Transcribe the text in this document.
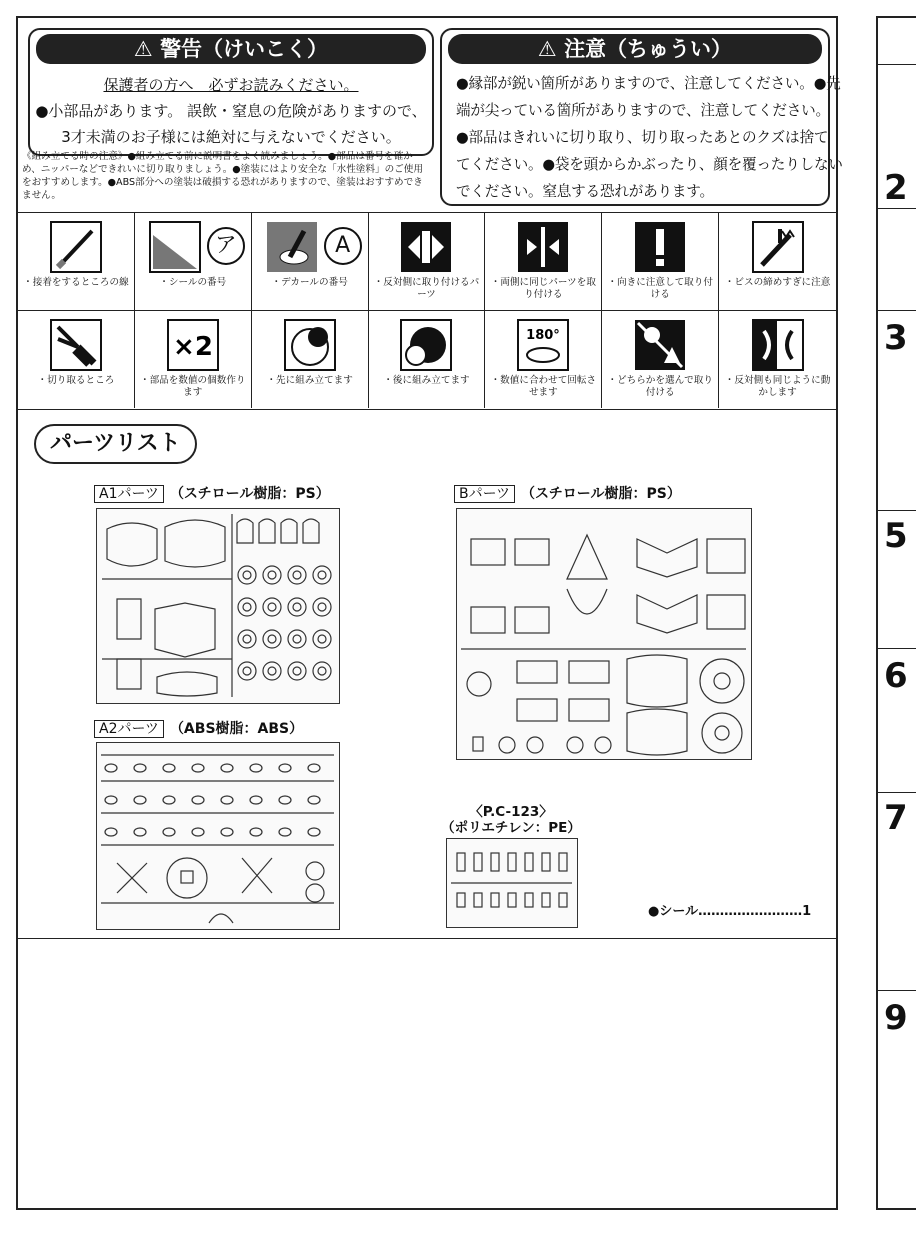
2
3
5
6
7
9
⚠ 警告（けいこく）
保護者の方へ　必ずお読みください。
●小部品があります。 誤飲・窒息の危険がありますので、
3才未満のお子様には絶対に与えないでください。
⚠ 注意（ちゅうい）
●縁部が鋭い箇所がありますので、注意してください。●先
端が尖っている箇所がありますので、注意してください。
●部品はきれいに切り取り、切り取ったあとのクズは捨て
てください。●袋を頭からかぶったり、顔を覆ったりしない
でください。窒息する恐れがあります。
《組み立てる時の注意》●組み立てる前に説明書をよく読みましょう。●部品は番号を確かめ、ニッパーなどできれいに切り取りましょう。●塗装にはより安全な「水性塗料」のご使用をおすすめします。●ABS部分への塗装は破損する恐れがありますので、塗装はおすすめできません。
・接着をするところの線
ア
・シールの番号
A
・デカールの番号	・反対側に取り付けるパーツ
・両側に同じパーツを取り付ける
・向きに注意して取り付ける
・ビスの締めすぎに注意
・切り取るところ
×2
・部品を数値の個数作ります
・先に組み立てます	・後に組み立てます
180°
・数値に合わせて回転させます
・どちらかを選んで取り付ける
・反対側も同じように動かします
パーツリスト
A1パーツ （スチロール樹脂：PS）
A2パーツ （ABS樹脂：ABS）
Bパーツ （スチロール樹脂：PS）
〈P.C-123〉
（ポリエチレン：PE）
●シール……………………1
